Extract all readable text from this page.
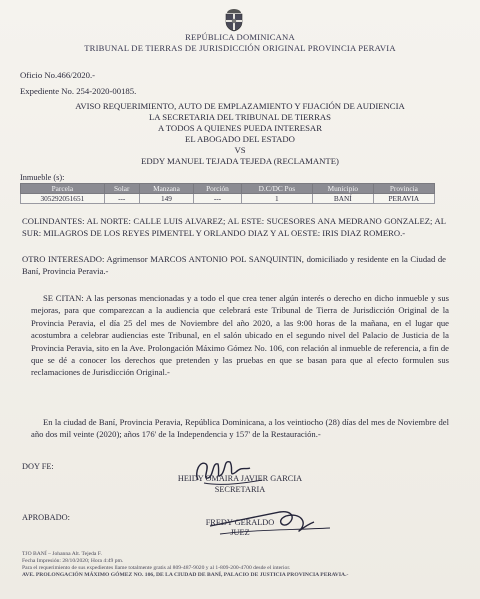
REPÚBLICA DOMINICANA
TRIBUNAL DE TIERRAS DE JURISDICCIÓN ORIGINAL PROVINCIA PERAVIA
Oficio No.466/2020.-
Expediente No. 254-2020-00185.
AVISO REQUERIMIENTO, AUTO DE EMPLAZAMIENTO Y FIJACIÓN DE AUDIENCIA
LA SECRETARIA DEL TRIBUNAL DE TIERRAS
A TODOS A QUIENES PUEDA INTERESAR
EL ABOGADO DEL ESTADO
VS
EDDY MANUEL TEJADA TEJEDA (RECLAMANTE)
Inmueble (s):
Parcela	Solar	Manzana	Porción	D.C/DC Pos	Municipio	Provincia
305292051651	---	149	---	1	BANÍ	PERAVIA
COLINDANTES: AL NORTE: CALLE LUIS ALVAREZ; AL ESTE: SUCESORES ANA MEDRANO GONZALEZ; AL SUR: MILAGROS DE LOS REYES PIMENTEL Y ORLANDO DIAZ Y AL OESTE: IRIS DIAZ ROMERO.-
OTRO INTERESADO: Agrimensor MARCOS ANTONIO POL SANQUINTIN, domiciliado y residente en la Ciudad de Baní, Provincia Peravia.-
SE CITAN: A las personas mencionadas y a todo el que crea tener algún interés o derecho en dicho inmueble y sus mejoras, para que comparezcan a la audiencia que celebrará este Tribunal de Tierra de Jurisdicción Original de la Provincia Peravia, el día 25 del mes de Noviembre del año 2020, a las 9:00 horas de la mañana, en el lugar que acostumbra a celebrar audiencias este Tribunal, en el salón ubicado en el segundo nivel del Palacio de Justicia de la Provincia Peravia, sito en la Ave. Prolongación Máximo Gómez No. 106, con relación al inmueble de referencia, a fin de que se dé a conocer los derechos que pretenden y las pruebas en que se basan para que al efecto formulen sus reclamaciones de Jurisdicción Original.-
En la ciudad de Baní, Provincia Peravia, República Dominicana, a los veintiocho (28) días del mes de Noviembre del año dos mil veinte (2020); años 176' de la Independencia y 157' de la Restauración.-
DOY FE:
HEIDY OMAIRA JAVIER GARCIA
SECRETARIA
APROBADO:
FREDY GERALDO
JUEZ
TJO BANÍ – Johanna Alt. Tejeda F.
Fecha Impresión: 28/10/2020; Hora 4:49 pm.
Para el requerimiento de sus expedientes llame totalmente gratis al 809-487-9020 y al 1-809-200-4700 desde el interior.
AVE. PROLONGACIÓN MÁXIMO GÓMEZ NO. 106, DE LA CIUDAD DE BANÍ, PALACIO DE JUSTICIA PROVINCIA PERAVIA.-
